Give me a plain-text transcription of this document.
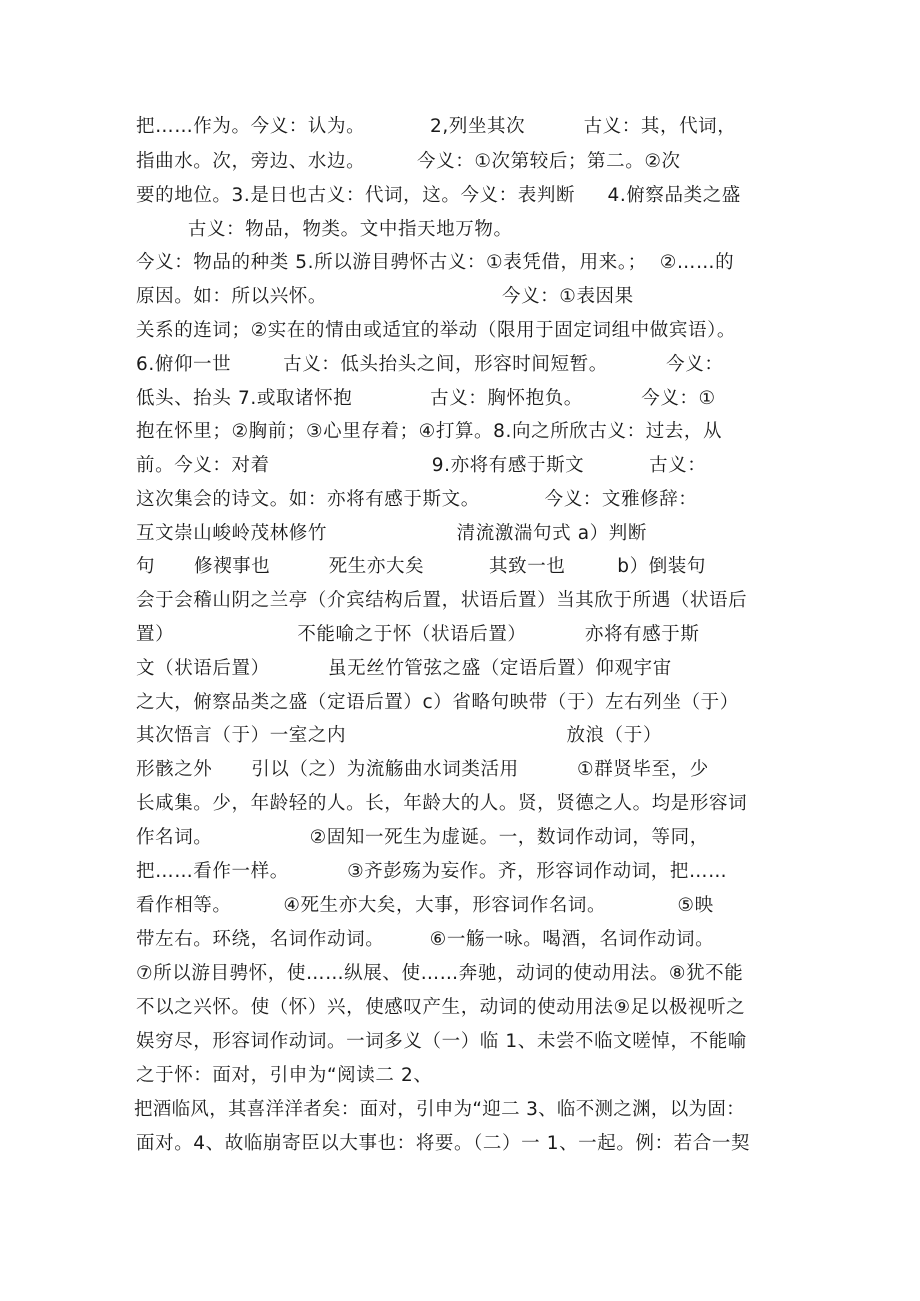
把……作为。今义：认为。          2,列坐其次         古义：其，代词，
指曲水。次，旁边、水边。        今义：①次第较后；第二。②次
要的地位。3.是日也古义：代词，这。今义：表判断     4.俯察品类之盛
古义：物品，物类。文中指天地万物。
今义：物品的种类 5.所以游目骋怀古义：①表凭借，用来。；  ②……的
原因。如：所以兴怀。                           今义：①表因果
关系的连词；②实在的情由或适宜的举动（限用于固定词组中做宾语）。
6.俯仰一世        古义：低头抬头之间，形容时间短暂。         今义：
低头、抬头 7.或取诸怀抱            古义：胸怀抱负。         今义：①
抱在怀里；②胸前；③心里存着；④打算。8.向之所欣古义：过去，从
前。今义：对着                         9.亦将有感于斯文          古义：
这次集会的诗文。如：亦将有感于斯文。          今义：文雅修辞：
互文崇山峻岭茂林修竹                    清流激湍句式 a）判断
句      修禊事也         死生亦大矣          其致一也        b）倒装句
会于会稽山阴之兰亭（介宾结构后置，状语后置）当其欣于所遇（状语后
置）                   不能喻之于怀（状语后置）         亦将有感于斯
文（状语后置）         虽无丝竹管弦之盛（定语后置）仰观宇宙
之大，俯察品类之盛（定语后置）c）省略句映带（于）左右列坐（于）
其次悟言（于）一室之内                                  放浪（于）
形骸之外      引以（之）为流觞曲水词类活用         ①群贤毕至，少
长咸集。少，年龄轻的人。长，年龄大的人。贤，贤德之人。均是形容词
作名词。               ②固知一死生为虚诞。一，数词作动词，等同，
把……看作一样。         ③齐彭殇为妄作。齐，形容词作动词，把……
看作相等。        ④死生亦大矣，大事，形容词作名词。           ⑤映
带左右。环绕，名词作动词。       ⑥一觞一咏。喝酒，名词作动词。
⑦所以游目骋怀，使……纵展、使……奔驰，动词的使动用法。⑧犹不能
不以之兴怀。使（怀）兴，使感叹产生，动词的使动用法⑨足以极视听之
娱穷尽，形容词作动词。一词多义（一）临 1、未尝不临文嗟悼，不能喻
之于怀：面对，引申为“阅读二 2、
把酒临风，其喜洋洋者矣：面对，引申为“迎二 3、临不测之渊，以为固：
面对。4、故临崩寄臣以大事也：将要。（二）一 1、一起。例：若合一契
